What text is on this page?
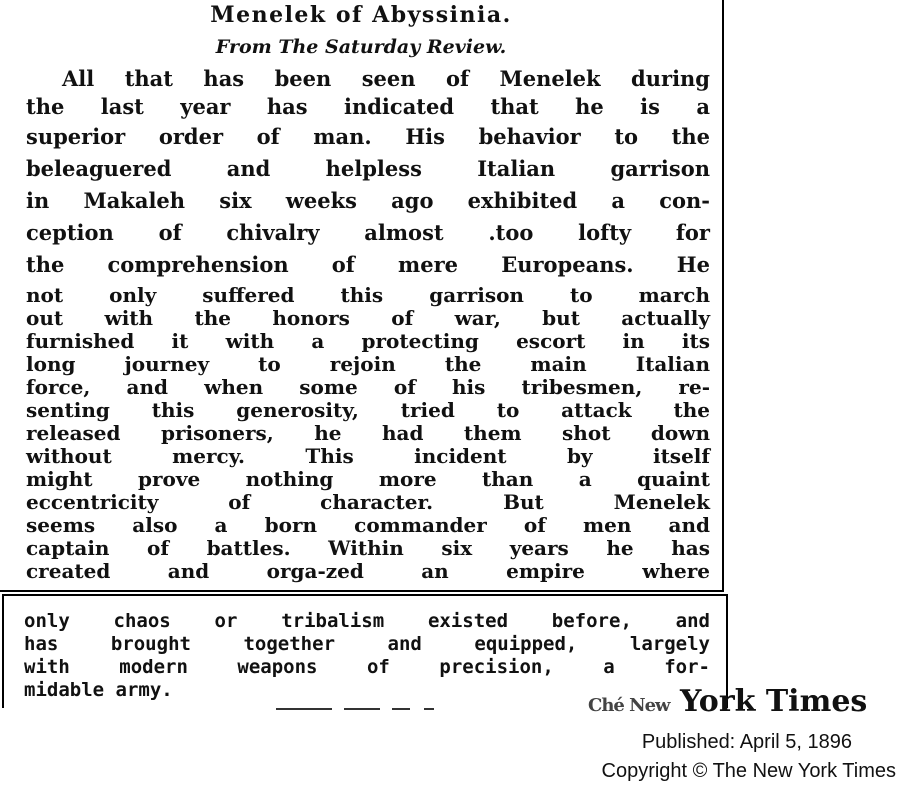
Menelek of Abyssinia.
From The Saturday Review.
All that has been seen of Menelek during
the last year has indicated that he is a
superior order of man. His behavior to the
beleaguered and helpless Italian garrison
in Makaleh six weeks ago exhibited a con-
ception of chivalry almost .too lofty for
the comprehension of mere Europeans. He
not only suffered this garrison to march
out with the honors of war, but actually
furnished it with a protecting escort in its
long journey to rejoin the main Italian
force, and when some of his tribesmen, re-
senting this generosity, tried to attack the
released prisoners, he had them shot down
without mercy. This incident by itself
might prove nothing more than a quaint
eccentricity of character. But Menelek
seems also a born commander of men and
captain of battles. Within six years he has
created and orga-zed an empire where
only chaos or tribalism existed before, and
has brought together and equipped, largely
with modern weapons of precision, a for-
midable army.
Ché New York Times
Published: April 5, 1896
Copyright © The New York Times
